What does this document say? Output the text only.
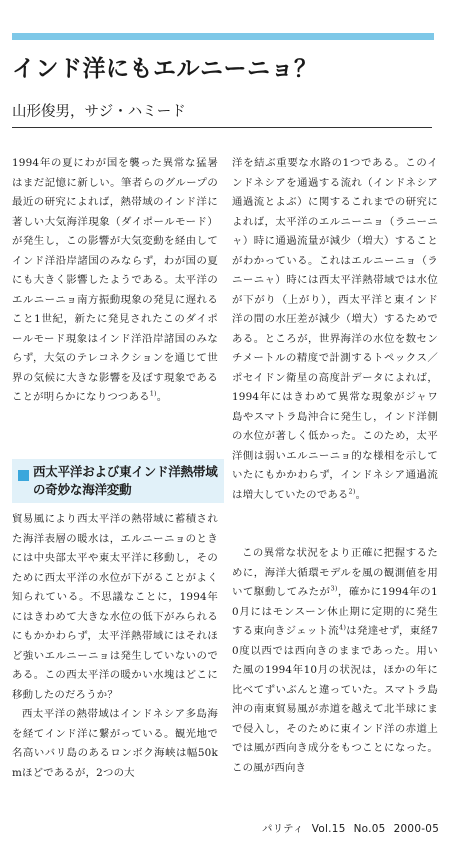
インド洋にもエルニーニョ？

山形俊男，サジ・ハミード

1994年の夏にわが国を襲った異常な猛暑はまだ記憶に新しい。筆者らのグループの最近の研究によれば，熱帯域のインド洋に著しい大気海洋現象（ダイポールモード）が発生し，この影響が大気変動を経由してインド洋沿岸諸国のみならず，わが国の夏にも大きく影響したようである。太平洋のエルニーニョ南方振動現象の発見に遅れること1世紀，新たに発見されたこのダイポールモード現象はインド洋沿岸諸国のみならず，大気のテレコネクションを通じて世界の気候に大きな影響を及ぼす現象であることが明らかになりつつある$^{1)}$。

西太平洋および東インド洋熱帯域の奇妙な海洋変動

貿易風により西太平洋の熱帯域に蓄積された海洋表層の暖水は，エルニーニョのときには中央部太平や東太平洋に移動し，そのために西太平洋の水位が下がることがよく知られている。不思議なことに，1994年にはきわめて大きな水位の低下がみられるにもかかわらず，太平洋熱帯域にはそれほど強いエルニーニョは発生していないのである。この西太平洋の暖かい水塊はどこに移動したのだろうか？

西太平洋の熱帯域はインドネシア多島海を経てインド洋に繋がっている。観光地で名高いバリ島のあるロンボク海峡は幅50kmほどであるが，2つの大

洋を結ぶ重要な水路の1つである。このインドネシアを通過する流れ（インドネシア通過流とよぶ）に関するこれまでの研究によれば，太平洋のエルニーニョ（ラニーニャ）時に通過流量が減少（増大）することがわかっている。これはエルニーニョ（ラニーニャ）時には西太平洋熱帯域では水位が下がり（上がり），西太平洋と東インド洋の間の水圧差が減少（増大）するためである。ところが，世界海洋の水位を数センチメートルの精度で計測するトペックス／ポセイドン衛星の高度計データによれば，1994年にはきわめて異常な現象がジャワ島やスマトラ島沖合に発生し，インド洋側の水位が著しく低かった。このため，太平洋側は弱いエルニーニョ的な様相を示していたにもかかわらず，インドネシア通過流は増大していたのである$^{2)}$。

この異常な状況をより正確に把握するために，海洋大循環モデルを風の観測値を用いて駆動してみたが$^{3)}$，確かに1994年の10月にはモンスーン休止期に定期的に発生する東向きジェット流$^{4)}$は発達せず，東経70度以西では西向きのままであった。用いた風の1994年10月の状況は，ほかの年に比べてずいぶんと違っていた。スマトラ島沖の南東貿易風が赤道を越えて北半球にまで侵入し，そのために東インド洋の赤道上では風が西向き成分をもつことになった。この風が西向き

パリティ Vol.15 No.05 2000-05
